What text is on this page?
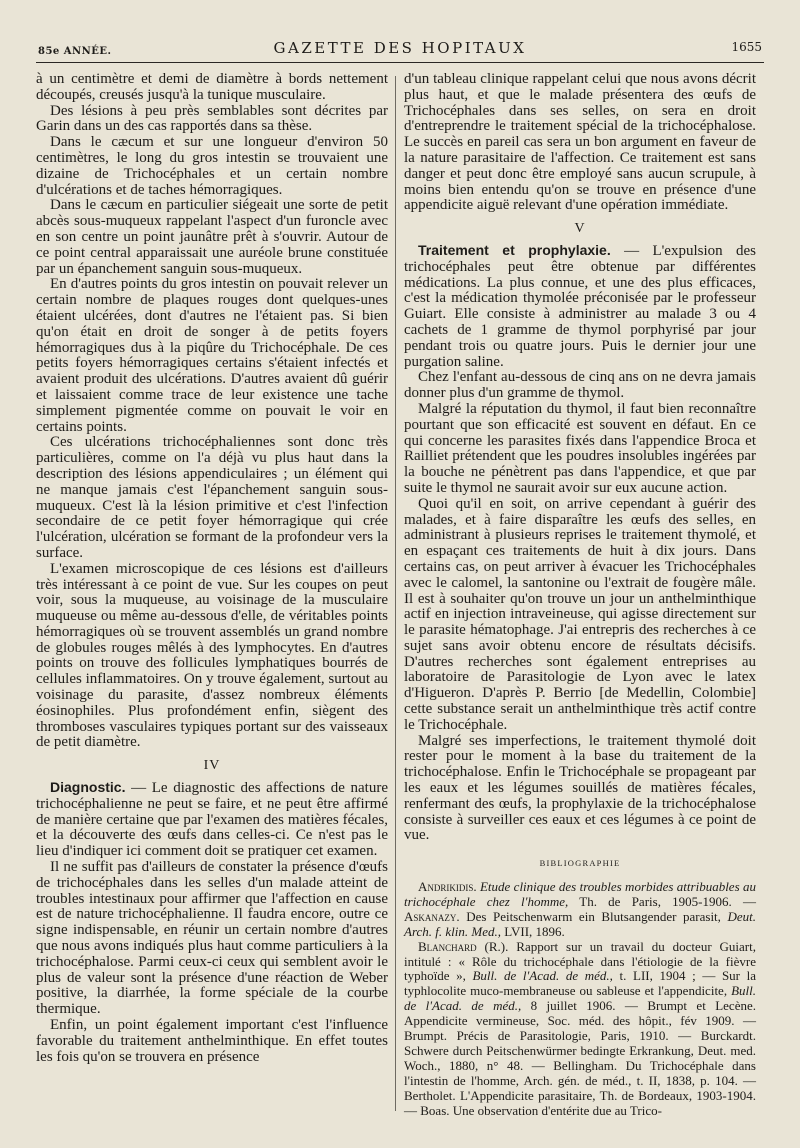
85e ANNÉE.	GAZETTE DES HOPITAUX	1655

à un centimètre et demi de diamètre à bords nettement découpés, creusés jusqu'à la tunique musculaire.

Des lésions à peu près semblables sont décrites par Garin dans un des cas rapportés dans sa thèse.

Dans le cæcum et sur une longueur d'environ 50 centimètres, le long du gros intestin se trouvaient une dizaine de Trichocéphales et un certain nombre d'ulcérations et de taches hémorragiques.

Dans le cæcum en particulier siégeait une sorte de petit abcès sous-muqueux rappelant l'aspect d'un furoncle avec en son centre un point jaunâtre prêt à s'ouvrir. Autour de ce point central apparaissait une auréole brune constituée par un épanchement sanguin sous-muqueux.

En d'autres points du gros intestin on pouvait relever un certain nombre de plaques rouges dont quelques-unes étaient ulcérées, dont d'autres ne l'étaient pas. Si bien qu'on était en droit de songer à de petits foyers hémorragiques dus à la piqûre du Trichocéphale. De ces petits foyers hémorragiques certains s'étaient infectés et avaient produit des ulcérations. D'autres avaient dû guérir et laissaient comme trace de leur existence une tache simplement pigmentée comme on pouvait le voir en certains points.

Ces ulcérations trichocéphaliennes sont donc très particulières, comme on l'a déjà vu plus haut dans la description des lésions appendiculaires ; un élément qui ne manque jamais c'est l'épanchement sanguin sous-muqueux. C'est là la lésion primitive et c'est l'infection secondaire de ce petit foyer hémorragique qui crée l'ulcération, ulcération se formant de la profondeur vers la surface.

L'examen microscopique de ces lésions est d'ailleurs très intéressant à ce point de vue. Sur les coupes on peut voir, sous la muqueuse, au voisinage de la musculaire muqueuse ou même au-dessous d'elle, de véritables points hémorragiques où se trouvent assemblés un grand nombre de globules rouges mêlés à des lymphocytes. En d'autres points on trouve des follicules lymphatiques bourrés de cellules inflammatoires. On y trouve également, surtout au voisinage du parasite, d'assez nombreux éléments éosinophiles. Plus profondément enfin, siègent des thromboses vasculaires typiques portant sur des vaisseaux de petit diamètre.

IV

Diagnostic. — Le diagnostic des affections de nature trichocéphalienne ne peut se faire, et ne peut être affirmé de manière certaine que par l'examen des matières fécales, et la découverte des œufs dans celles-ci. Ce n'est pas le lieu d'indiquer ici comment doit se pratiquer cet examen.

Il ne suffit pas d'ailleurs de constater la présence d'œufs de trichocéphales dans les selles d'un malade atteint de troubles intestinaux pour affirmer que l'affection en cause est de nature trichocéphalienne. Il faudra encore, outre ce signe indispensable, en réunir un certain nombre d'autres que nous avons indiqués plus haut comme particuliers à la trichocéphalose. Parmi ceux-ci ceux qui semblent avoir le plus de valeur sont la présence d'une réaction de Weber positive, la diarrhée, la forme spéciale de la courbe thermique.

Enfin, un point également important c'est l'influence favorable du traitement anthelminthique. En effet toutes les fois qu'on se trouvera en présence

d'un tableau clinique rappelant celui que nous avons décrit plus haut, et que le malade présentera des œufs de Trichocéphales dans ses selles, on sera en droit d'entreprendre le traitement spécial de la trichocéphalose. Le succès en pareil cas sera un bon argument en faveur de la nature parasitaire de l'affection. Ce traitement est sans danger et peut donc être employé sans aucun scrupule, à moins bien entendu qu'on se trouve en présence d'une appendicite aiguë relevant d'une opération immédiate.

V

Traitement et prophylaxie. — L'expulsion des trichocéphales peut être obtenue par différentes médications. La plus connue, et une des plus efficaces, c'est la médication thymolée préconisée par le professeur Guiart. Elle consiste à administrer au malade 3 ou 4 cachets de 1 gramme de thymol porphyrisé par jour pendant trois ou quatre jours. Puis le dernier jour une purgation saline.

Chez l'enfant au-dessous de cinq ans on ne devra jamais donner plus d'un gramme de thymol.

Malgré la réputation du thymol, il faut bien reconnaître pourtant que son efficacité est souvent en défaut. En ce qui concerne les parasites fixés dans l'appendice Broca et Railliet prétendent que les poudres insolubles ingérées par la bouche ne pénètrent pas dans l'appendice, et que par suite le thymol ne saurait avoir sur eux aucune action.

Quoi qu'il en soit, on arrive cependant à guérir des malades, et à faire disparaître les œufs des selles, en administrant à plusieurs reprises le traitement thymolé, et en espaçant ces traitements de huit à dix jours. Dans certains cas, on peut arriver à évacuer les Trichocéphales avec le calomel, la santonine ou l'extrait de fougère mâle. Il est à souhaiter qu'on trouve un jour un anthelminthique actif en injection intraveineuse, qui agisse directement sur le parasite hématophage. J'ai entrepris des recherches à ce sujet sans avoir obtenu encore de résultats décisifs. D'autres recherches sont également entreprises au laboratoire de Parasitologie de Lyon avec le latex d'Higueron. D'après P. Berrio [de Medellin, Colombie] cette substance serait un anthelminthique très actif contre le Trichocéphale.

Malgré ses imperfections, le traitement thymolé doit rester pour le moment à la base du traitement de la trichocéphalose. Enfin le Trichocéphale se propageant par les eaux et les légumes souillés de matières fécales, renfermant des œufs, la prophylaxie de la trichocéphalose consiste à surveiller ces eaux et ces légumes à ce point de vue.

BIBLIOGRAPHIE

Andrikidis. Etude clinique des troubles morbides attribuables au trichocéphale chez l'homme, Th. de Paris, 1905-1906. — Askanazy. Des Peitschenwarm ein Blutsangender parasit, Deut. Arch. f. klin. Med., LVII, 1896.

Blanchard (R.). Rapport sur un travail du docteur Guiart, intitulé : « Rôle du trichocéphale dans l'étiologie de la fièvre typhoïde », Bull. de l'Acad. de méd., t. LII, 1904 ; — Sur la typhlocolite muco-membraneuse ou sableuse et l'appendicite, Bull. de l'Acad. de méd., 8 juillet 1906. — Brumpt et Lecène. Appendicite vermineuse, Soc. méd. des hôpit., fév 1909. — Brumpt. Précis de Parasitologie, Paris, 1910. — Burckardt. Schwere durch Peitschenwürmer bedingte Erkrankung, Deut. med. Woch., 1880, n° 48. — Bellingham. Du Trichocéphale dans l'intestin de l'homme, Arch. gén. de méd., t. II, 1838, p. 104. — Bertholet. L'Appendicite parasitaire, Th. de Bordeaux, 1903-1904. — Boas. Une observation d'entérite due au Trico-
